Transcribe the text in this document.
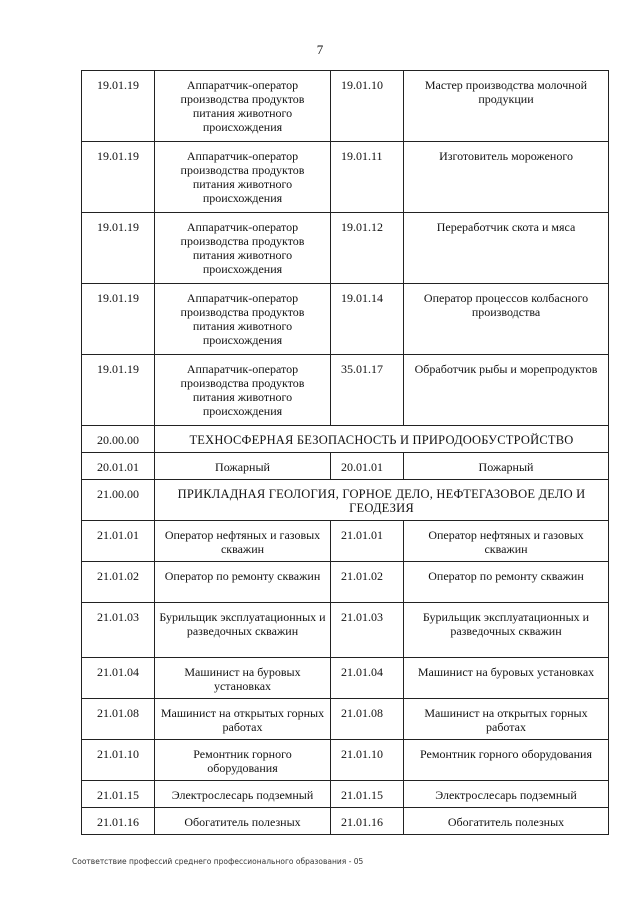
7
19.01.19	Аппаратчик-оператор производства продуктов питания животного происхождения	19.01.10	Мастер производства молочной продукции
19.01.19	Аппаратчик-оператор производства продуктов питания животного происхождения	19.01.11	Изготовитель мороженого
19.01.19	Аппаратчик-оператор производства продуктов питания животного происхождения	19.01.12	Переработчик скота и мяса
19.01.19	Аппаратчик-оператор производства продуктов питания животного происхождения	19.01.14	Оператор процессов колбасного производства
19.01.19	Аппаратчик-оператор производства продуктов питания животного происхождения	35.01.17	Обработчик рыбы и морепродуктов
20.00.00	ТЕХНОСФЕРНАЯ БЕЗОПАСНОСТЬ И ПРИРОДООБУСТРОЙСТВО		
20.01.01	Пожарный	20.01.01	Пожарный
21.00.00	ПРИКЛАДНАЯ ГЕОЛОГИЯ, ГОРНОЕ ДЕЛО, НЕФТЕГАЗОВОЕ ДЕЛО И ГЕОДЕЗИЯ		
21.01.01	Оператор нефтяных и газовых скважин	21.01.01	Оператор нефтяных и газовых скважин
21.01.02	Оператор по ремонту скважин	21.01.02	Оператор по ремонту скважин
21.01.03	Бурильщик эксплуатационных и разведочных скважин	21.01.03	Бурильщик эксплуатационных и разведочных скважин
21.01.04	Машинист на буровых установках	21.01.04	Машинист на буровых установках
21.01.08	Машинист на открытых горных работах	21.01.08	Машинист на открытых горных работах
21.01.10	Ремонтник горного оборудования	21.01.10	Ремонтник горного оборудования
21.01.15	Электрослесарь подземный	21.01.15	Электрослесарь подземный
21.01.16	Обогатитель полезных	21.01.16	Обогатитель полезных
Соответствие профессий среднего профессионального образования - 05
